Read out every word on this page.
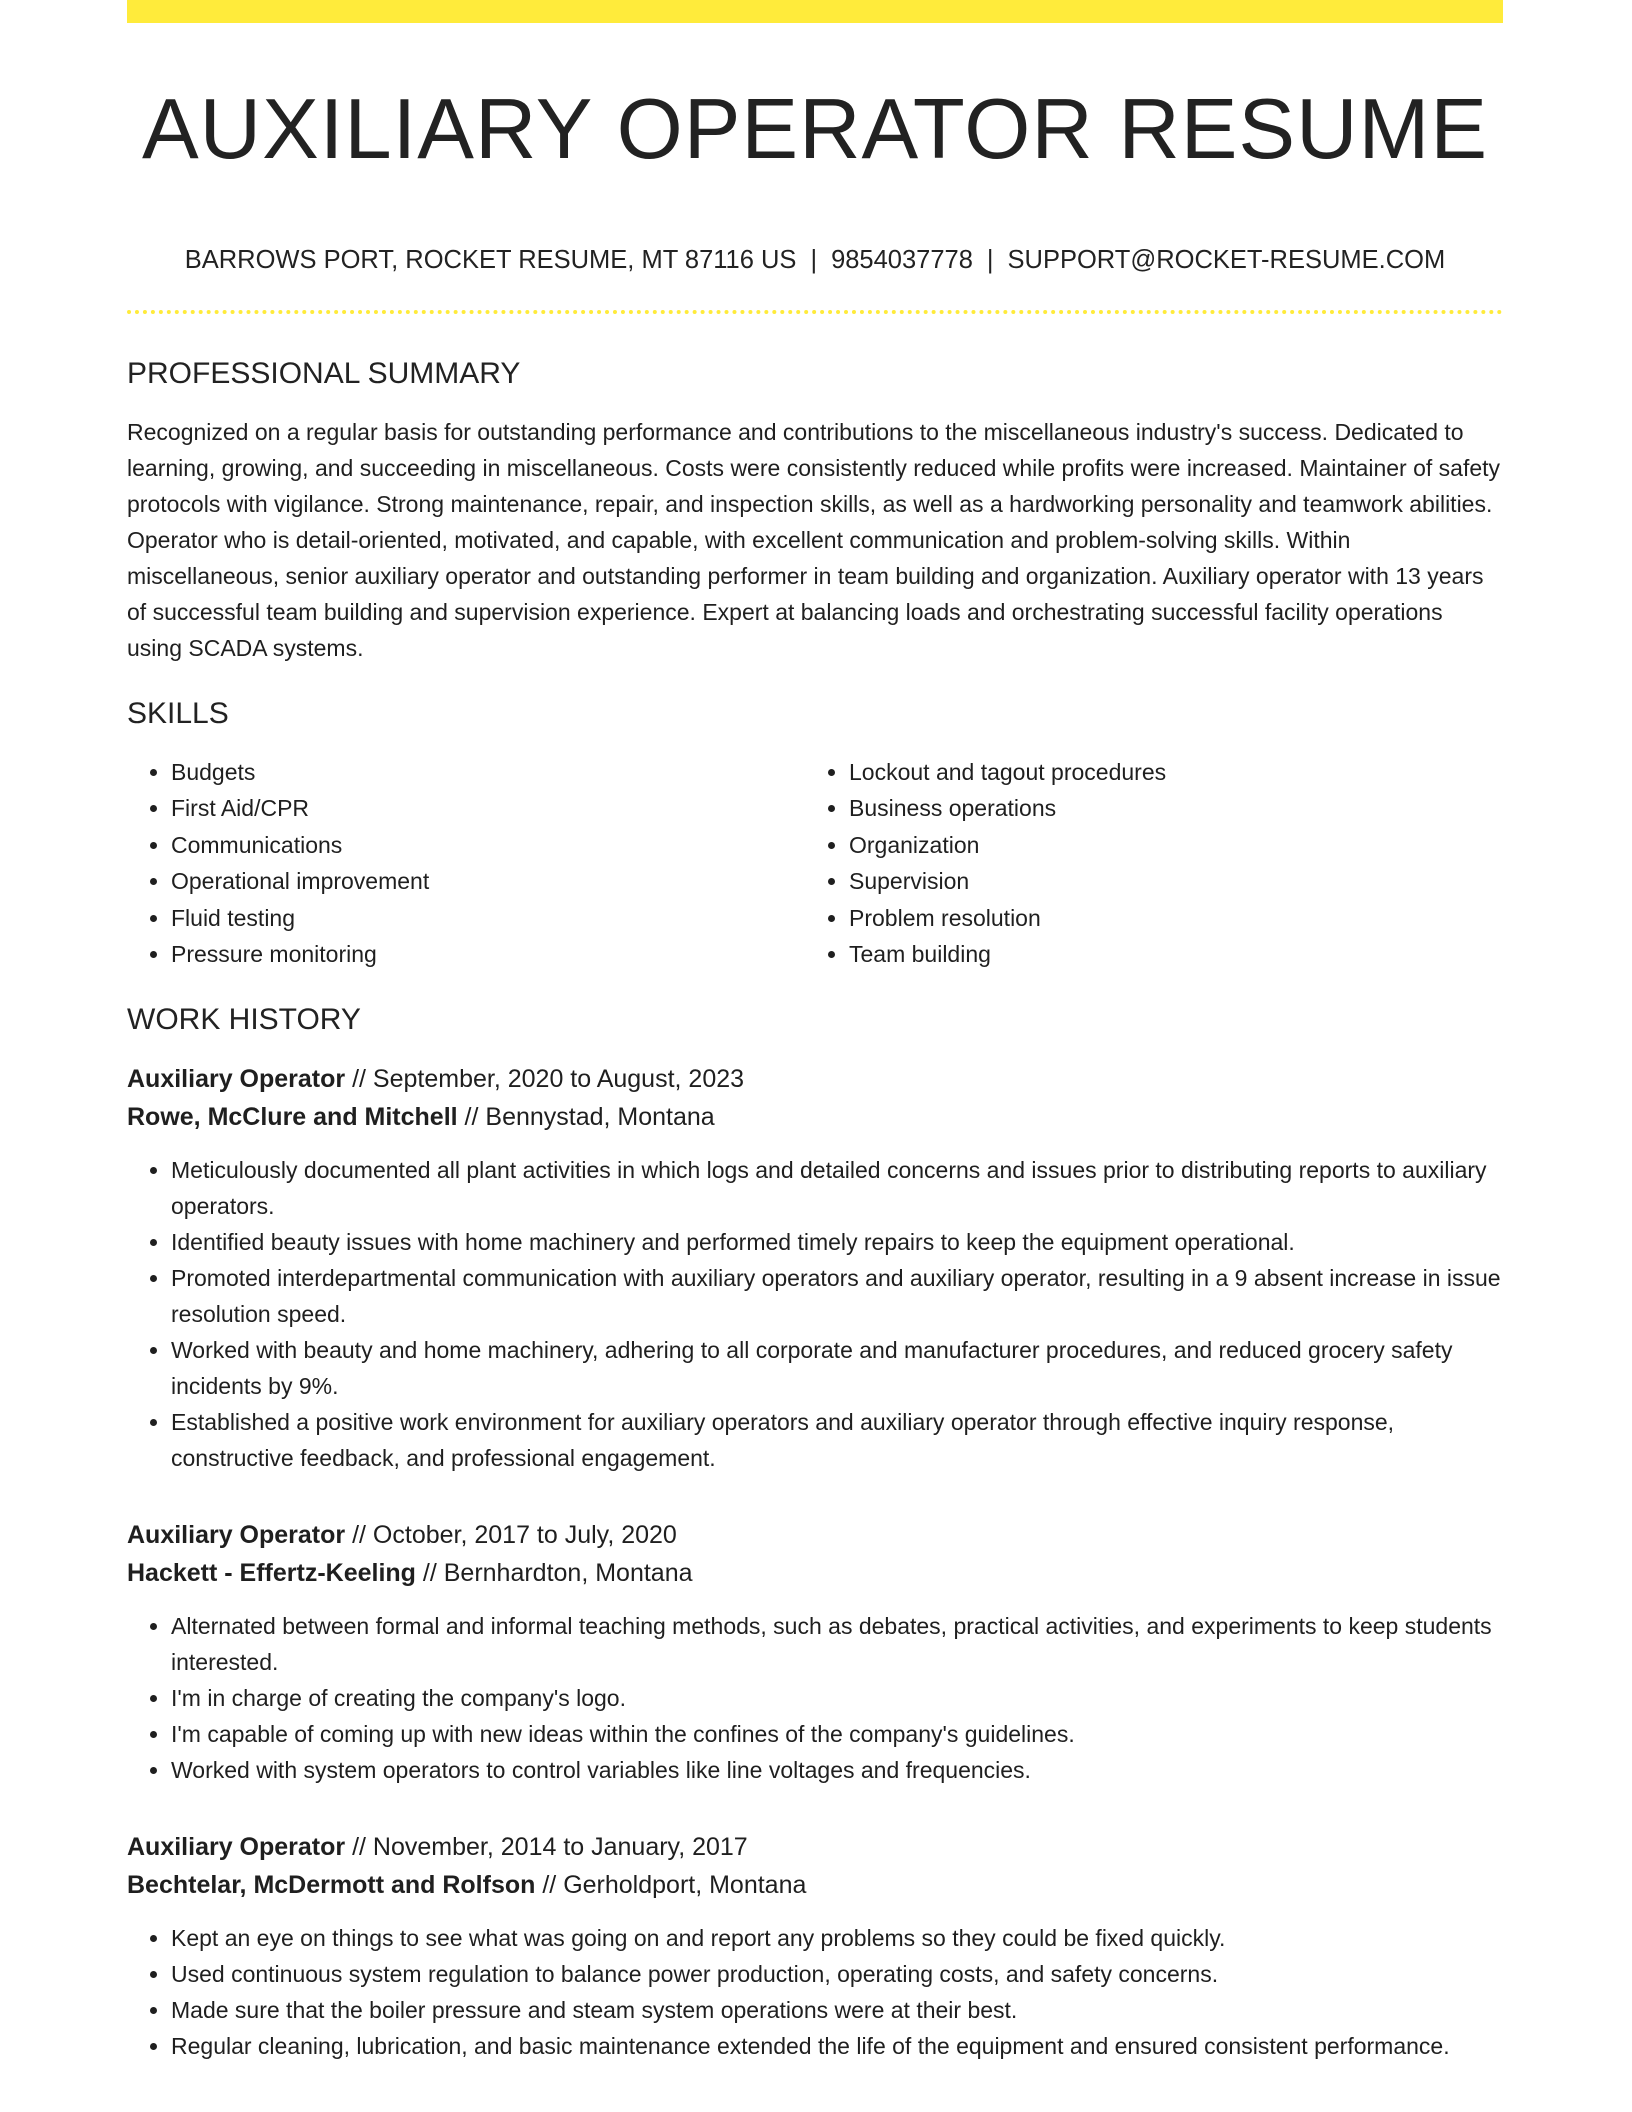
AUXILIARY OPERATOR RESUME
BARROWS PORT, ROCKET RESUME, MT 87116 US | 9854037778 | SUPPORT@ROCKET-RESUME.COM
PROFESSIONAL SUMMARY

Recognized on a regular basis for outstanding performance and contributions to the miscellaneous industry's success. Dedicated to learning, growing, and succeeding in miscellaneous. Costs were consistently reduced while profits were increased. Maintainer of safety protocols with vigilance. Strong maintenance, repair, and inspection skills, as well as a hardworking personality and teamwork abilities. Operator who is detail-oriented, motivated, and capable, with excellent communication and problem-solving skills. Within miscellaneous, senior auxiliary operator and outstanding performer in team building and organization. Auxiliary operator with 13 years of successful team building and supervision experience. Expert at balancing loads and orchestrating successful facility operations using SCADA systems.

SKILLS
• Budgets
• First Aid/CPR
• Communications
• Operational improvement
• Fluid testing
• Pressure monitoring
• Lockout and tagout procedures
• Business operations
• Organization
• Supervision
• Problem resolution
• Team building
WORK HISTORY
Auxiliary Operator // September, 2020 to August, 2023
Rowe, McClure and Mitchell // Bennystad, Montana
• Meticulously documented all plant activities in which logs and detailed concerns and issues prior to distributing reports to auxiliary operators.
• Identified beauty issues with home machinery and performed timely repairs to keep the equipment operational.
• Promoted interdepartmental communication with auxiliary operators and auxiliary operator, resulting in a 9 absent increase in issue resolution speed.
• Worked with beauty and home machinery, adhering to all corporate and manufacturer procedures, and reduced grocery safety incidents by 9%.
• Established a positive work environment for auxiliary operators and auxiliary operator through effective inquiry response, constructive feedback, and professional engagement.
Auxiliary Operator // October, 2017 to July, 2020
Hackett - Effertz-Keeling // Bernhardton, Montana
• Alternated between formal and informal teaching methods, such as debates, practical activities, and experiments to keep students interested.
• I'm in charge of creating the company's logo.
• I'm capable of coming up with new ideas within the confines of the company's guidelines.
• Worked with system operators to control variables like line voltages and frequencies.
Auxiliary Operator // November, 2014 to January, 2017
Bechtelar, McDermott and Rolfson // Gerholdport, Montana
• Kept an eye on things to see what was going on and report any problems so they could be fixed quickly.
• Used continuous system regulation to balance power production, operating costs, and safety concerns.
• Made sure that the boiler pressure and steam system operations were at their best.
• Regular cleaning, lubrication, and basic maintenance extended the life of the equipment and ensured consistent performance.
